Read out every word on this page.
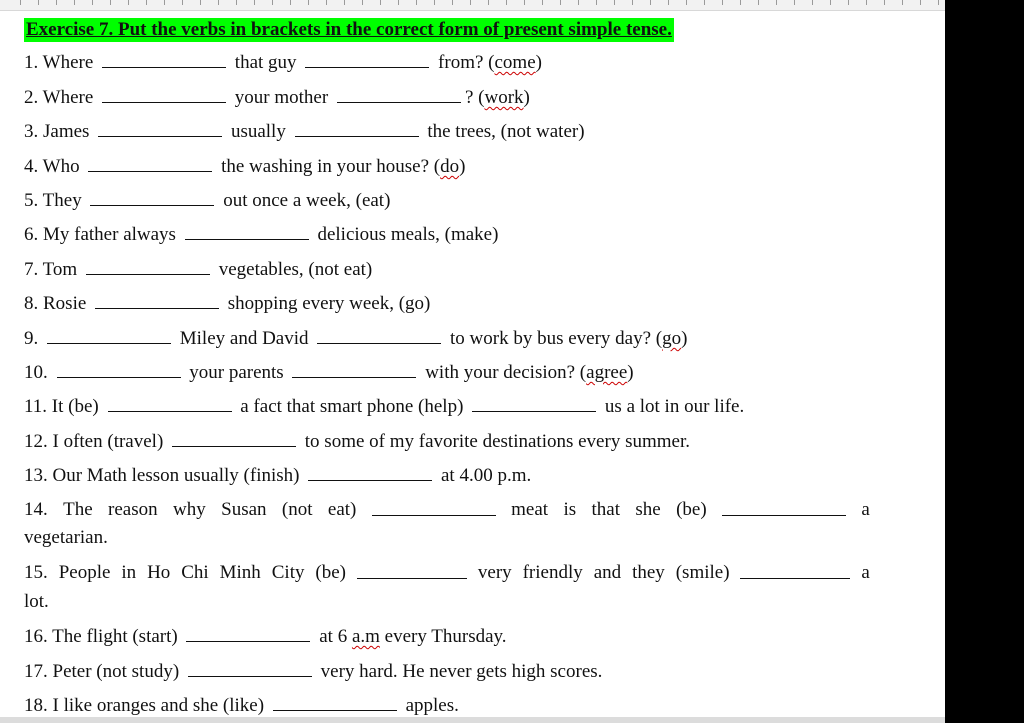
Exercise 7. Put the verbs in brackets in the correct form of present simple tense.
1. Where	that guy	from? (come)
2. Where	your mother	? (work)
3. James	usually	the trees, (not water)
4. Who	the washing in your house? (do)
5. They	out once a week, (eat)
6. My father always	delicious meals, (make)
7. Tom	vegetables, (not eat)
8. Rosie	shopping every week, (go)
9.	Miley and David	to work by bus every day? (go)
10.	your parents	with your decision? (agree)
11. It (be)	a fact that smart phone (help)	us a lot in our life.
12. I often (travel)	to some of my favorite destinations every summer.
13. Our Math lesson usually (finish)	at 4.00 p.m.
14. The reason why Susan (not eat)	meat is that she (be)	a
vegetarian.
15. People in Ho Chi Minh City (be)	very friendly and they (smile)	a
lot.
16. The flight (start)	at 6 a.m every Thursday.
17. Peter (not study)	very hard. He never gets high scores.
18. I like oranges and she (like)	apples.
